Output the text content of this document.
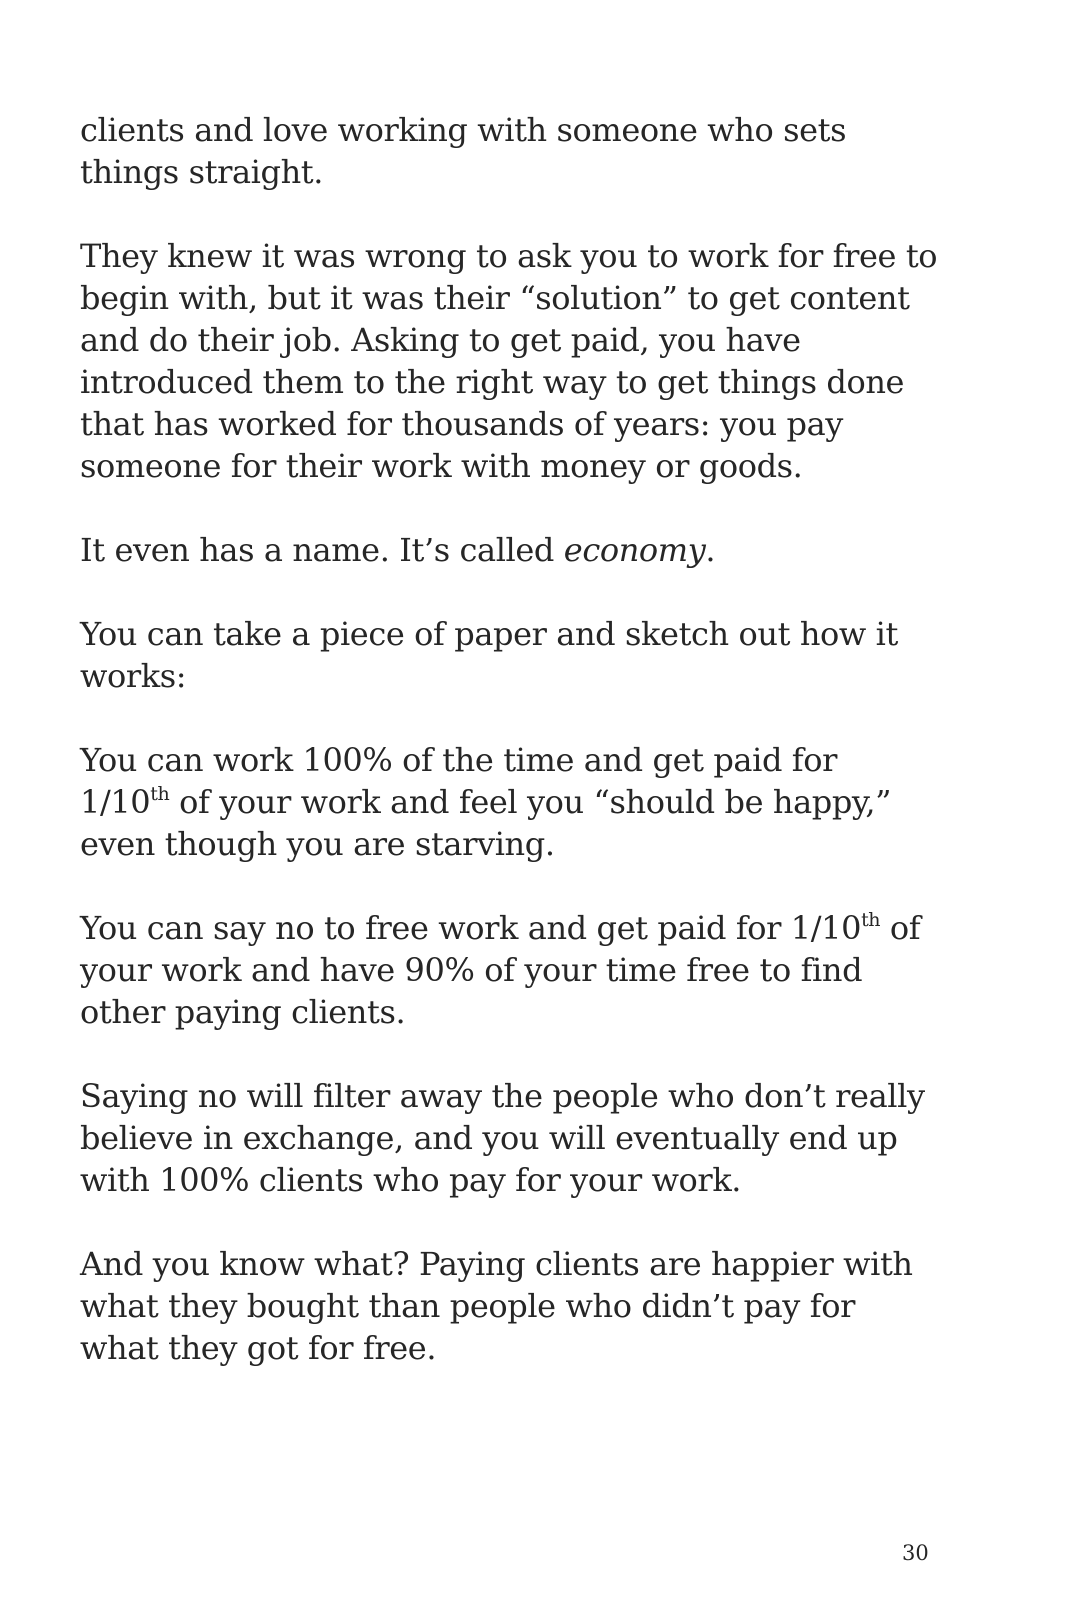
clients and love working with someone who sets
things straight.

They knew it was wrong to ask you to work for free to
begin with, but it was their “solution” to get content
and do their job. Asking to get paid, you have
introduced them to the right way to get things done
that has worked for thousands of years: you pay
someone for their work with money or goods.

It even has a name. It’s called economy.

You can take a piece of paper and sketch out how it
works:

You can work 100% of the time and get paid for
1/10th of your work and feel you “should be happy,”
even though you are starving.

You can say no to free work and get paid for 1/10th of
your work and have 90% of your time free to find
other paying clients.

Saying no will filter away the people who don’t really
believe in exchange, and you will eventually end up
with 100% clients who pay for your work.

And you know what? Paying clients are happier with
what they bought than people who didn’t pay for
what they got for free.

30
